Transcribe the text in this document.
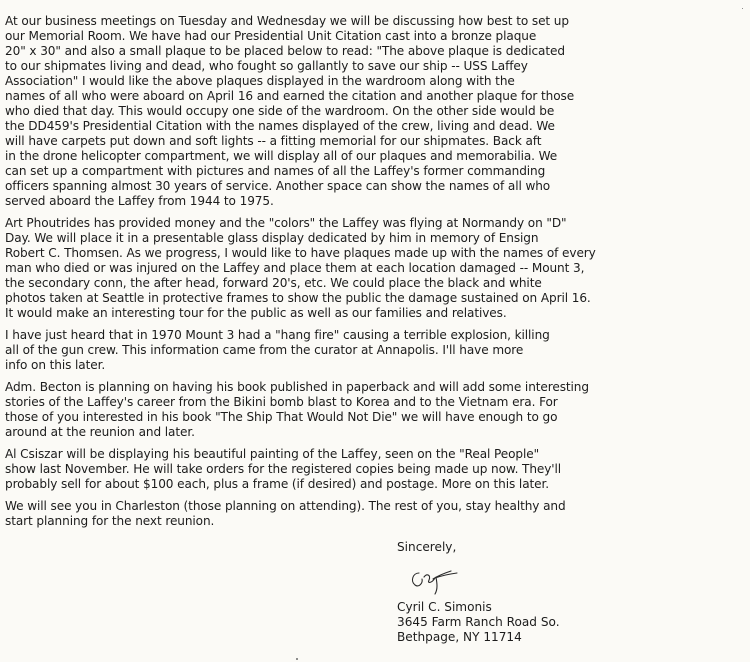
At our business meetings on Tuesday and Wednesday we will be discussing how best to set up
our Memorial Room. We have had our Presidential Unit Citation cast into a bronze plaque
20" x 30" and also a small plaque to be placed below to read: "The above plaque is dedicated
to our shipmates living and dead, who fought so gallantly to save our ship -- USS Laffey
Association" I would like the above plaques displayed in the wardroom along with the
names of all who were aboard on April 16 and earned the citation and another plaque for those
who died that day. This would occupy one side of the wardroom. On the other side would be
the DD459's Presidential Citation with the names displayed of the crew, living and dead. We
will have carpets put down and soft lights -- a fitting memorial for our shipmates. Back aft
in the drone helicopter compartment, we will display all of our plaques and memorabilia. We
can set up a compartment with pictures and names of all the Laffey's former commanding
officers spanning almost 30 years of service. Another space can show the names of all who
served aboard the Laffey from 1944 to 1975.

Art Phoutrides has provided money and the "colors" the Laffey was flying at Normandy on "D"
Day. We will place it in a presentable glass display dedicated by him in memory of Ensign
Robert C. Thomsen. As we progress, I would like to have plaques made up with the names of every
man who died or was injured on the Laffey and place them at each location damaged -- Mount 3,
the secondary conn, the after head, forward 20's, etc. We could place the black and white
photos taken at Seattle in protective frames to show the public the damage sustained on April 16.
It would make an interesting tour for the public as well as our families and relatives.

I have just heard that in 1970 Mount 3 had a "hang fire" causing a terrible explosion, killing
all of the gun crew. This information came from the curator at Annapolis. I'll have more
info on this later.

Adm. Becton is planning on having his book published in paperback and will add some interesting
stories of the Laffey's career from the Bikini bomb blast to Korea and to the Vietnam era. For
those of you interested in his book "The Ship That Would Not Die" we will have enough to go
around at the reunion and later.

Al Csiszar will be displaying his beautiful painting of the Laffey, seen on the "Real People"
show last November. He will take orders for the registered copies being made up now. They'll
probably sell for about $100 each, plus a frame (if desired) and postage. More on this later.

We will see you in Charleston (those planning on attending). The rest of you, stay healthy and
start planning for the next reunion.

Sincerely,
Cyril C. Simonis
3645 Farm Ranch Road So.
Bethpage, NY 11714
